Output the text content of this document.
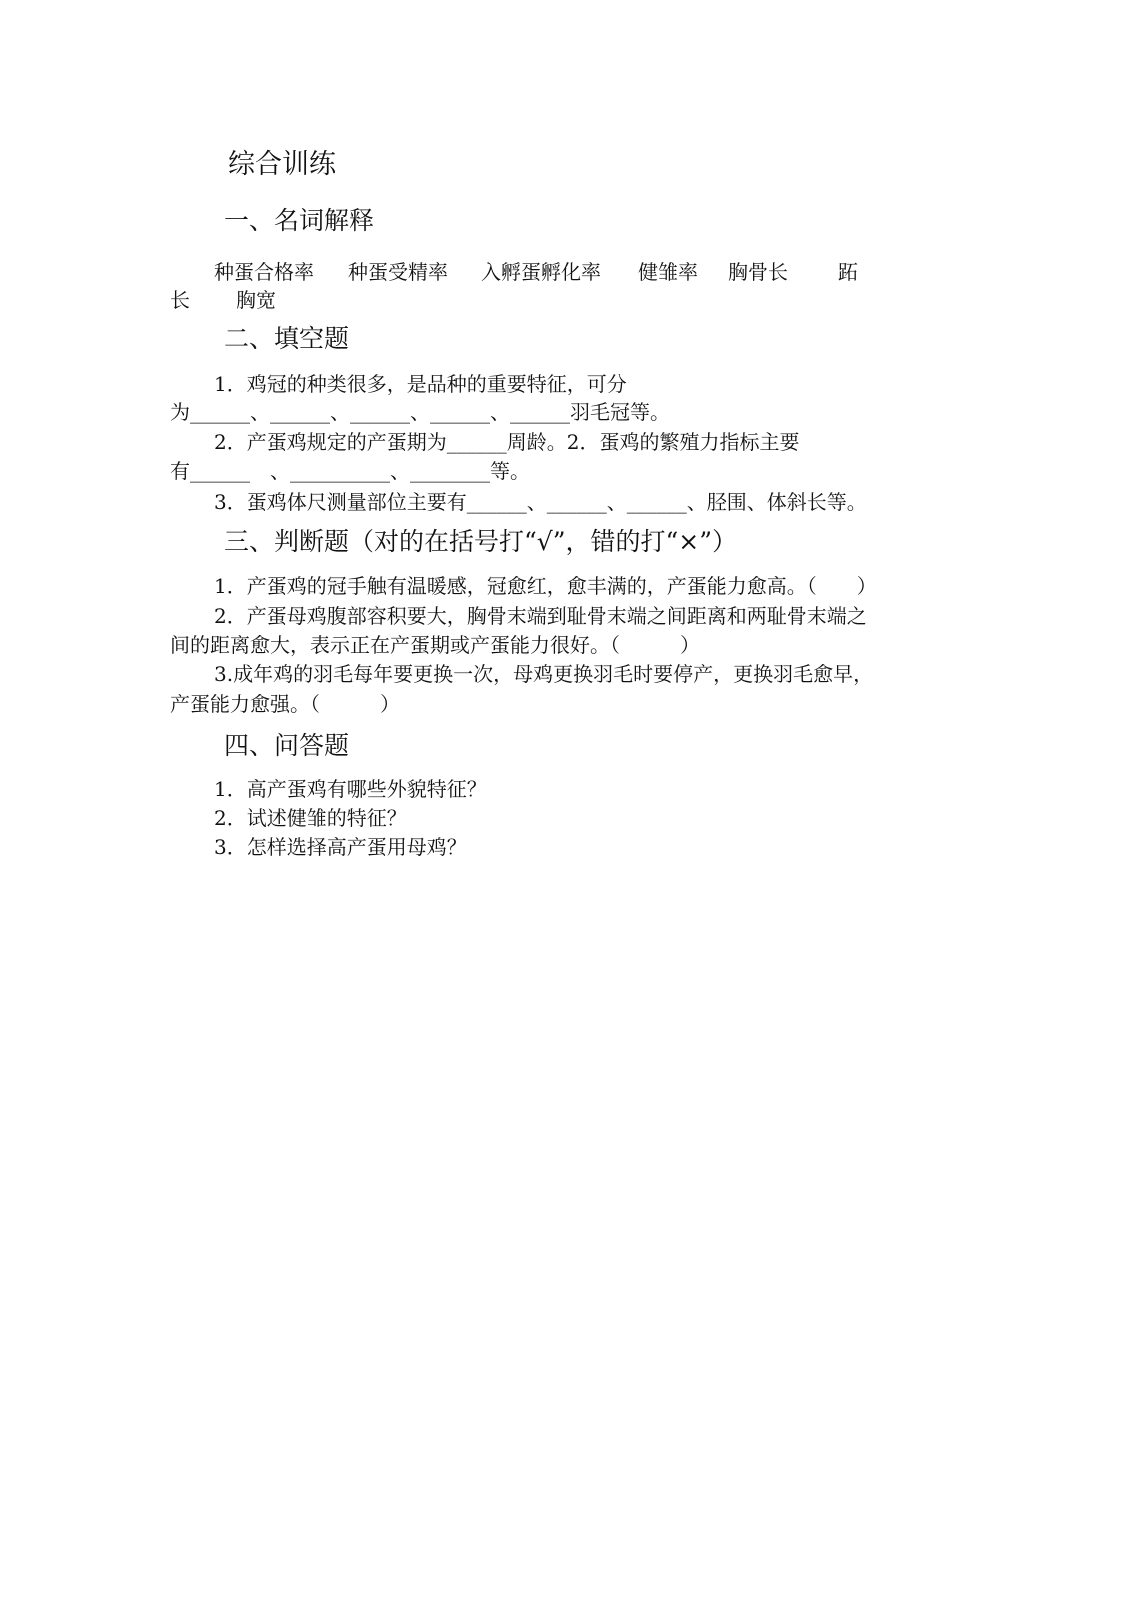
综合训练
一、名词解释
种蛋合格率 种蛋受精率 入孵蛋孵化率 健雏率 胸骨长	跖
长 胸宽
二、填空题
1．鸡冠的种类很多，是品种的重要特征，可分
为______、______、______、______、______羽毛冠等。
2．产蛋鸡规定的产蛋期为______周龄。2．蛋鸡的繁殖力指标主要
有______　、__________、________等。
3．蛋鸡体尺测量部位主要有______、______、______、胫围、体斜长等。
三、判断题（对的在括号打“√”，错的打“×”）
1．产蛋鸡的冠手触有温暖感，冠愈红，愈丰满的，产蛋能力愈高。（　　）
2．产蛋母鸡腹部容积要大，胸骨末端到耻骨末端之间距离和两耻骨末端之
间的距离愈大，表示正在产蛋期或产蛋能力很好。（　　　）
3.成年鸡的羽毛每年要更换一次，母鸡更换羽毛时要停产，更换羽毛愈早，
产蛋能力愈强。（　　　）
四、问答题
1．高产蛋鸡有哪些外貌特征？
2．试述健雏的特征？
3．怎样选择高产蛋用母鸡？
